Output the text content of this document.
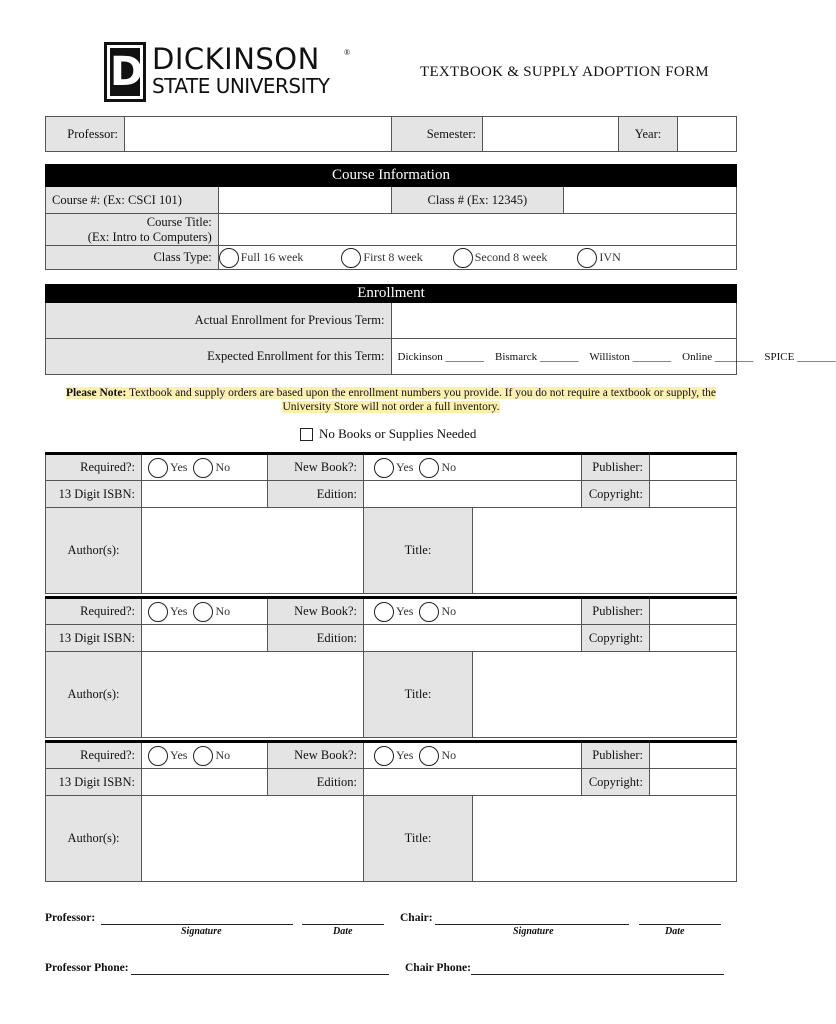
D DICKINSON	®
STATE UNIVERSITY
TEXTBOOK & SUPPLY ADOPTION FORM
Professor:		Semester:		Year:	
Course Information			
Course #: (Ex: CSCI 101)		Class # (Ex: 12345)	

Course Title:
(Ex: Intro to Computers)			

Class Type:	Full 16 week First 8 week Second 8 week IVN		
Enrollment	
Actual Enrollment for Previous Term:	
Expected Enrollment for this Term:	Dickinson _______ Bismarck _______ Williston _______ Online _______ SPICE _______
Please Note: Textbook and supply orders are based upon the enrollment numbers you provide. If you do not require a textbook or supply, the
University Store will not order a full inventory.
No Books or Supplies Needed
Required?:	Yes No	New Book?:	Yes No		Publisher:	
13 Digit ISBN:		Edition:			Copyright:	
Author(s):			Title:			
Required?:	Yes No	New Book?:	Yes No		Publisher:	
13 Digit ISBN:		Edition:			Copyright:	
Author(s):			Title:			
Required?:	Yes No	New Book?:	Yes No		Publisher:	
13 Digit ISBN:		Edition:			Copyright:	
Author(s):			Title:			
Professor:
Signature	Date
Chair:
Signature	Date
Professor Phone:	Chair Phone:
